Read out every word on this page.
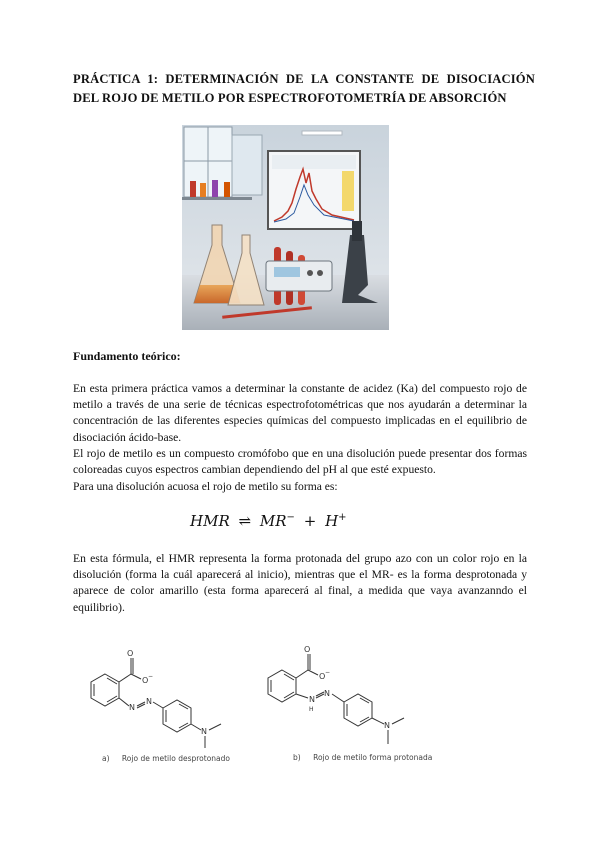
PRÁCTICA 1: DETERMINACIÓN DE LA CONSTANTE DE DISOCIACIÓN DEL ROJO DE METILO POR ESPECTROFOTOMETRÍA DE ABSORCIÓN
Fundamento teórico:

En esta primera práctica vamos a determinar la constante de acidez (Ka) del compuesto rojo de metilo a través de una serie de técnicas espectrofotométricas que nos ayudarán a determinar la concentración de las diferentes especies químicas del compuesto implicadas en el equilibrio de disociación ácido-base.

El rojo de metilo es un compuesto cromófobo que en una disolución puede presentar dos formas coloreadas cuyos espectros cambian dependiendo del pH al que esté expuesto.

Para una disolución acuosa el rojo de metilo su forma es:

HMR ⇌ MR− + H+

En esta fórmula, el HMR representa la forma protonada del grupo azo con un color rojo en la disolución (forma la cuál aparecerá al inicio), mientras que el MR- es la forma desprotonada y aparece de color amarillo (esta forma aparecerá al final, a medida que vaya avanzanndo el equilibrio).

O
O −
N
N
N
a) Rojo de metilo desprotonado
O
O −
N
H
N
N
b) Rojo de metilo forma protonada
